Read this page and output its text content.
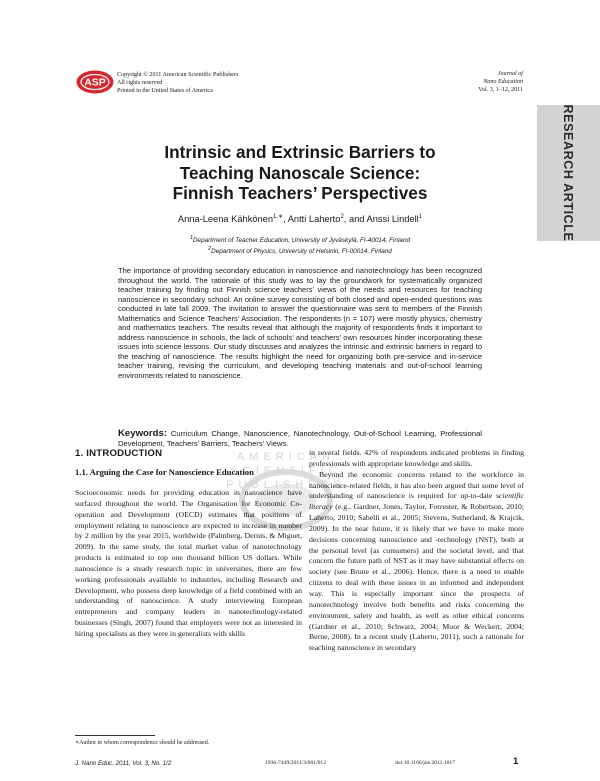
ASP
Copyright © 2011 American Scientific Publishers
All rights reserved
Printed in the United States of America
Journal of
Nano Education
Vol. 3, 1–12, 2011
RESEARCH ARTICLE
Intrinsic and Extrinsic Barriers to
Teaching Nanoscale Science:
Finnish Teachers’ Perspectives
Anna-Leena Kähkönen$^{1,∗}$, Antti Laherto$^2$, and Anssi Lindell$^1$
$^1$Department of Teacher Education, University of Jyväskylä, FI-40014, Finland
$^2$Department of Physics, University of Helsinki, FI-00014, Finland
The importance of providing secondary education in nanoscience and nanotechnology has been recognized throughout the world. The rationale of this study was to lay the groundwork for systematically organized teacher training by finding out Finnish science teachers’ views of the needs and resources for teaching nanoscience in secondary school. An online survey consisting of both closed and open-ended questions was conducted in late fall 2009. The invitation to answer the questionnaire was sent to members of the Finnish Mathematics and Science Teachers’ Association. The respondents (n = 107) were mostly physics, chemistry and mathematics teachers. The results reveal that although the majority of respondents finds it important to address nanoscience in schools, the lack of schools’ and teachers’ own resources hinder incorporating these issues into science lessons. Our study discusses and analyzes the intrinsic and extrinsic barriers in regard to the teaching of nanoscience. The results highlight the need for organizing both pre-service and in-service teacher training, revising the curriculum, and developing teaching materials and out-of-school learning environments related to nanoscience.
Keywords: Curriculum Change, Nanoscience, Nanotechnology, Out-of-School Learning, Professional Development, Teachers’ Barriers, Teachers’ Views.
AMERICAN
SCIENTIFIC
PUBLISHERS
1. INTRODUCTION
1.1. Arguing the Case for Nanoscience Education

Socioeconomic needs for providing education in nanoscience have surfaced throughout the world. The Organisation for Economic Co-operation and Development (OECD) estimates that positions of employment relating to nanoscience are expected to increase in number by 2 million by the year 2015, worldwide (Palmberg, Dernis, & Miguet, 2009). In the same study, the total market value of nanotechnology products is estimated to top one thousand billion US dollars. While nanoscience is a steady research topic in universities, there are few working professionals available to industries, including Research and Development, who possess deep knowledge of a field combined with an understanding of nanoscience. A study interviewing European entrepreneurs and company leaders in nanotechnology-related businesses (Singh, 2007) found that employers were not as interested in hiring specialists as they were in generalists with skills

in several fields. 42% of respondents indicated problems in finding professionals with appropriate knowledge and skills.

Beyond the economic concerns related to the workforce in nanoscience-related fields, it has also been argued that some level of understanding of nanoscience is required for up-to-date scientific literacy (e.g., Gardner, Jones, Taylor, Forrester, & Robertson, 2010; Laherto, 2010; Sabelli et al., 2005; Stevens, Sutherland, & Krajcik, 2009). In the near future, it is likely that we have to make more decisions concerning nanoscience and -technology (NST), both at the personal level (as consumers) and the societal level, and that concern the future path of NST as it may have substantial effects on society (see Brune et al., 2006). Hence, there is a need to enable citizens to deal with these issues in an informed and independent way. This is especially important since the prospects of nanotechnology involve both benefits and risks concerning the environment, safety and health, as well as other ethical concerns (Gardner et al., 2010; Schwarz, 2004; Moor & Weckert, 2004; Berne, 2008). In a recent study (Laherto, 2011), such a rationale for teaching nanoscience in secondary

∗Author to whom correspondence should be addressed.
J. Nano Educ. 2011, Vol. 3, No. 1/2	1936-7449/2011/3/001/012	doi:10.1166/jne.2011.1017	1
